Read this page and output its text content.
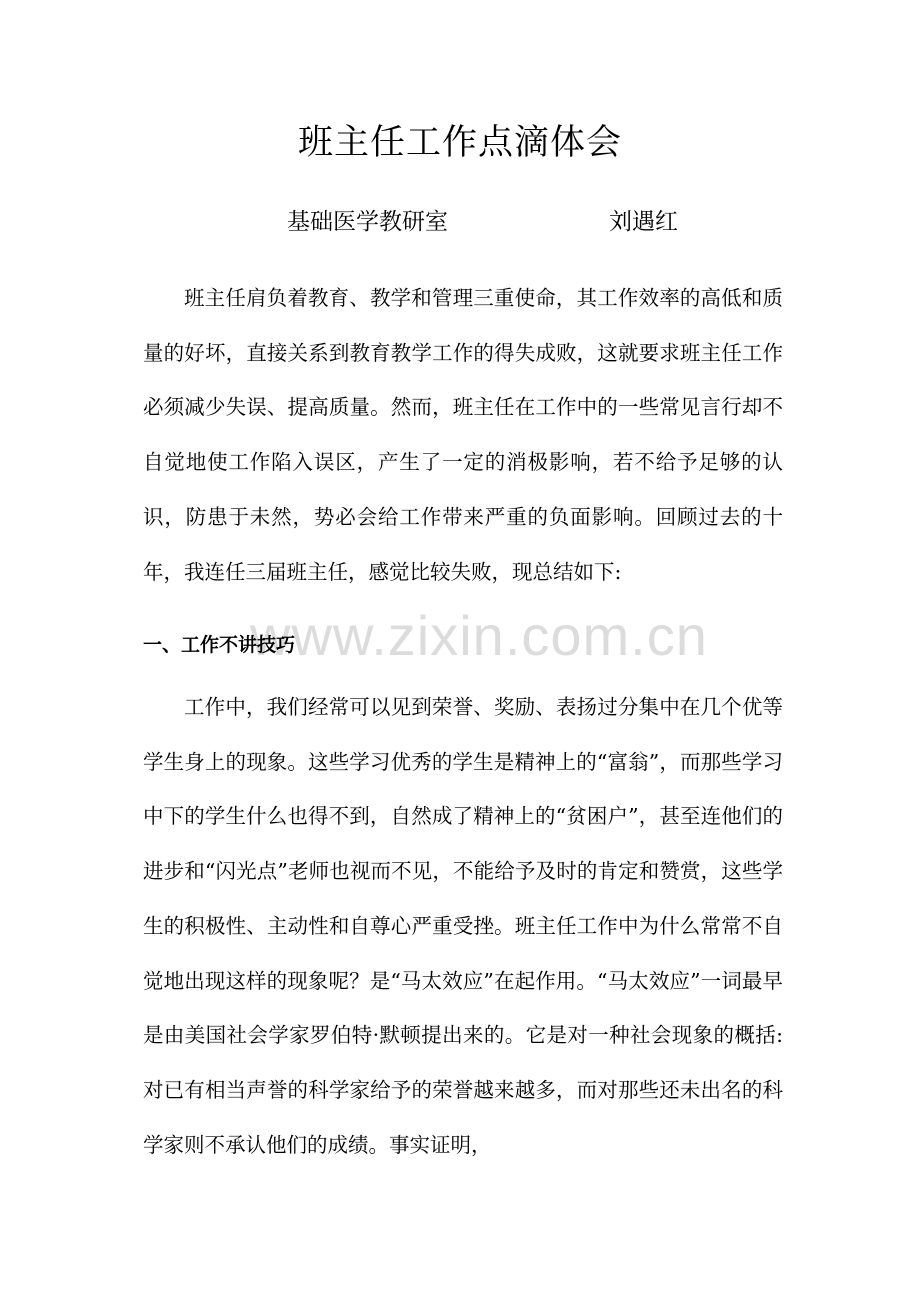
班主任工作点滴体会
基础医学教研室	刘遇红

班主任肩负着教育、教学和管理三重使命，其工作效率的高低和质量的好坏，直接关系到教育教学工作的得失成败，这就要求班主任工作必须减少失误、提高质量。然而，班主任在工作中的一些常见言行却不自觉地使工作陷入误区，产生了一定的消极影响，若不给予足够的认识，防患于未然，势必会给工作带来严重的负面影响。回顾过去的十年，我连任三届班主任，感觉比较失败，现总结如下:

www.zixin.com.cn
一、工作不讲技巧

工作中，我们经常可以见到荣誉、奖励、表扬过分集中在几个优等学生身上的现象。这些学习优秀的学生是精神上的“富翁”，而那些学习中下的学生什么也得不到，自然成了精神上的“贫困户”，甚至连他们的进步和“闪光点”老师也视而不见，不能给予及时的肯定和赞赏，这些学生的积极性、主动性和自尊心严重受挫。班主任工作中为什么常常不自觉地出现这样的现象呢？是“马太效应”在起作用。“马太效应”一词最早是由美国社会学家罗伯特·默顿提出来的。它是对一种社会现象的概括: 对已有相当声誉的科学家给予的荣誉越来越多，而对那些还未出名的科学家则不承认他们的成绩。事实证明，
